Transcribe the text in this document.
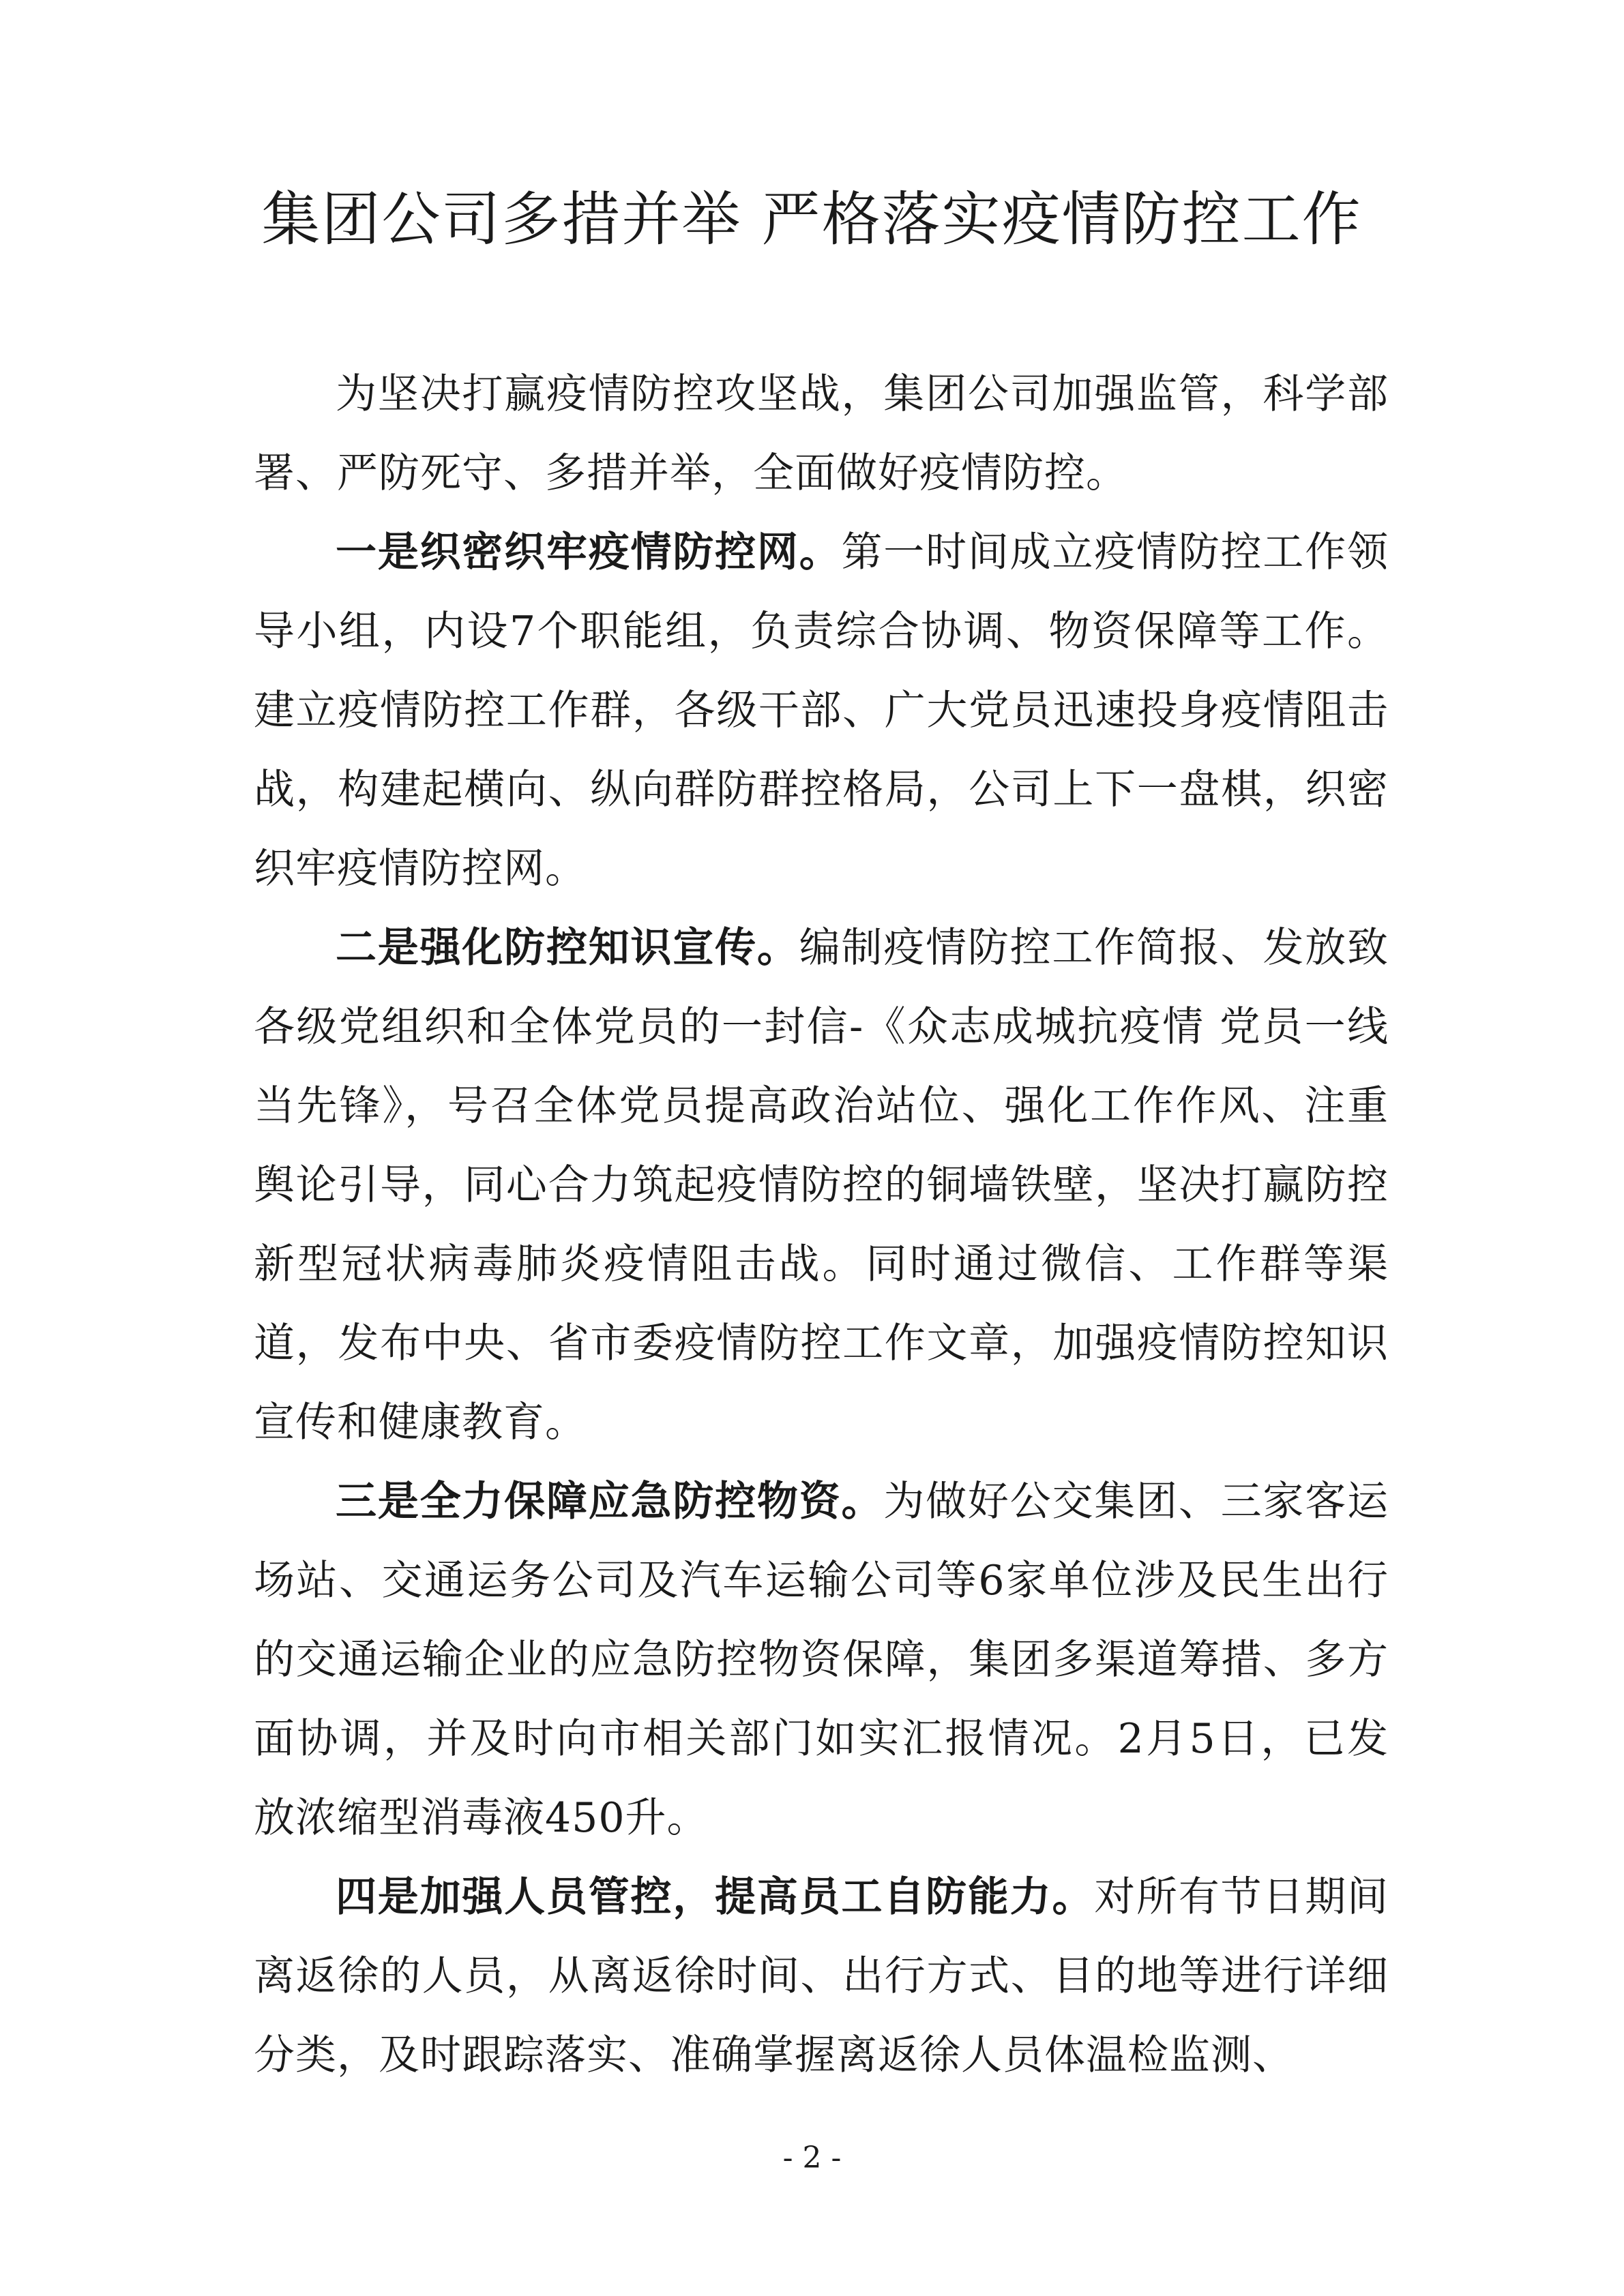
集团公司多措并举 严格落实疫情防控工作

为坚决打赢疫情防控攻坚战，集团公司加强监管，科学部署、严防死守、多措并举，全面做好疫情防控。

一是织密织牢疫情防控网。第一时间成立疫情防控工作领导小组，内设7个职能组，负责综合协调、物资保障等工作。建立疫情防控工作群，各级干部、广大党员迅速投身疫情阻击战，构建起横向、纵向群防群控格局，公司上下一盘棋，织密织牢疫情防控网。

二是强化防控知识宣传。编制疫情防控工作简报、发放致各级党组织和全体党员的一封信-《众志成城抗疫情 党员一线当先锋》，号召全体党员提高政治站位、强化工作作风、注重舆论引导，同心合力筑起疫情防控的铜墙铁壁，坚决打赢防控新型冠状病毒肺炎疫情阻击战。同时通过微信、工作群等渠道，发布中央、省市委疫情防控工作文章，加强疫情防控知识宣传和健康教育。

三是全力保障应急防控物资。为做好公交集团、三家客运场站、交通运务公司及汽车运输公司等6家单位涉及民生出行的交通运输企业的应急防控物资保障，集团多渠道筹措、多方面协调，并及时向市相关部门如实汇报情况。2月5日，已发放浓缩型消毒液450升。

四是加强人员管控，提高员工自防能力。对所有节日期间离返徐的人员，从离返徐时间、出行方式、目的地等进行详细分类，及时跟踪落实、准确掌握离返徐人员体温检监测、

- 2 -
